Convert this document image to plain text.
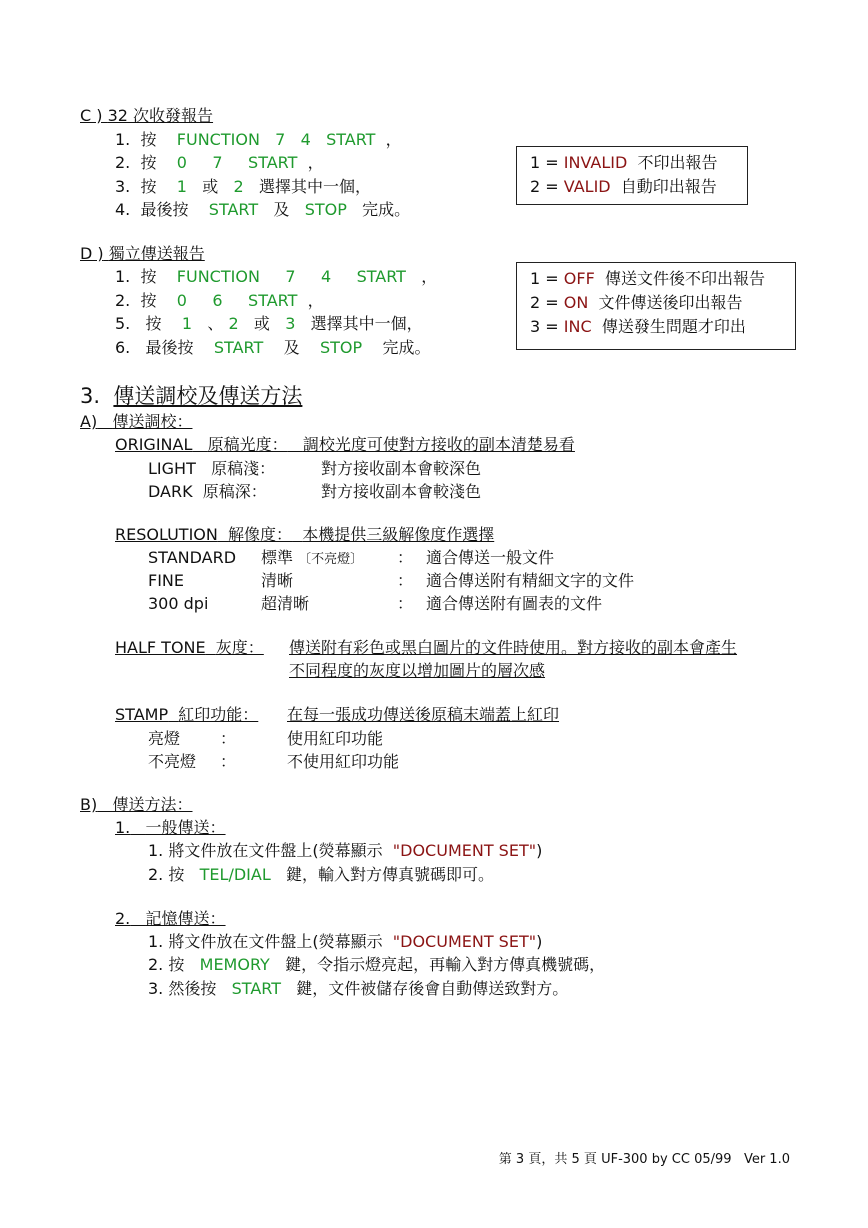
C ) 32 次收發報告
1. 按 FUNCTION 7 4 START ，
2. 按 0 7 START ，
3. 按 1 或 2 選擇其中一個，
4. 最後按 START 及 STOP 完成。
1 = INVALID 不印出報告
2 = VALID 自動印出報告
D ) 獨立傳送報告
1. 按 FUNCTION 7 4 START ，
2. 按 0 6 START ，
5. 按 1 、 2 或 3 選擇其中一個，
6. 最後按 START 及 STOP 完成。
1 = OFF 傳送文件後不印出報告
2 = ON 文件傳送後印出報告
3 = INC 傳送發生問題才印出
3. 傳送調校及傳送方法
A) 傳送調校：
ORIGINAL 原稿光度： 調校光度可使對方接收的副本清楚易看
LIGHT 原稿淺：	對方接收副本會較深色
DARK 原稿深：	對方接收副本會較淺色
RESOLUTION 解像度： 本機提供三級解像度作選擇
STANDARD 標準 〔不亮燈〕 ： 適合傳送一般文件
FINE	清晰	： 適合傳送附有精細文字的文件
300 dpi	超清晰	： 適合傳送附有圖表的文件
HALF TONE 灰度： 傳送附有彩色或黑白圖片的文件時使用。對方接收的副本會產生
不同程度的灰度以增加圖片的層次感
STAMP 紅印功能： 在每一張成功傳送後原稿末端蓋上紅印
亮燈 ：	使用紅印功能
不亮燈 ：	不使用紅印功能
B) 傳送方法：
1. 一般傳送：
1. 將文件放在文件盤上(熒幕顯示 "DOCUMENT SET")
2. 按 TEL/DIAL 鍵，輸入對方傳真號碼即可。
2. 記憶傳送：
1. 將文件放在文件盤上(熒幕顯示 "DOCUMENT SET")
2. 按 MEMORY 鍵，令指示燈亮起，再輸入對方傳真機號碼，
3. 然後按 START 鍵，文件被儲存後會自動傳送致對方。
第 3 頁，共 5 頁 UF-300 by CC 05/99 Ver 1.0
